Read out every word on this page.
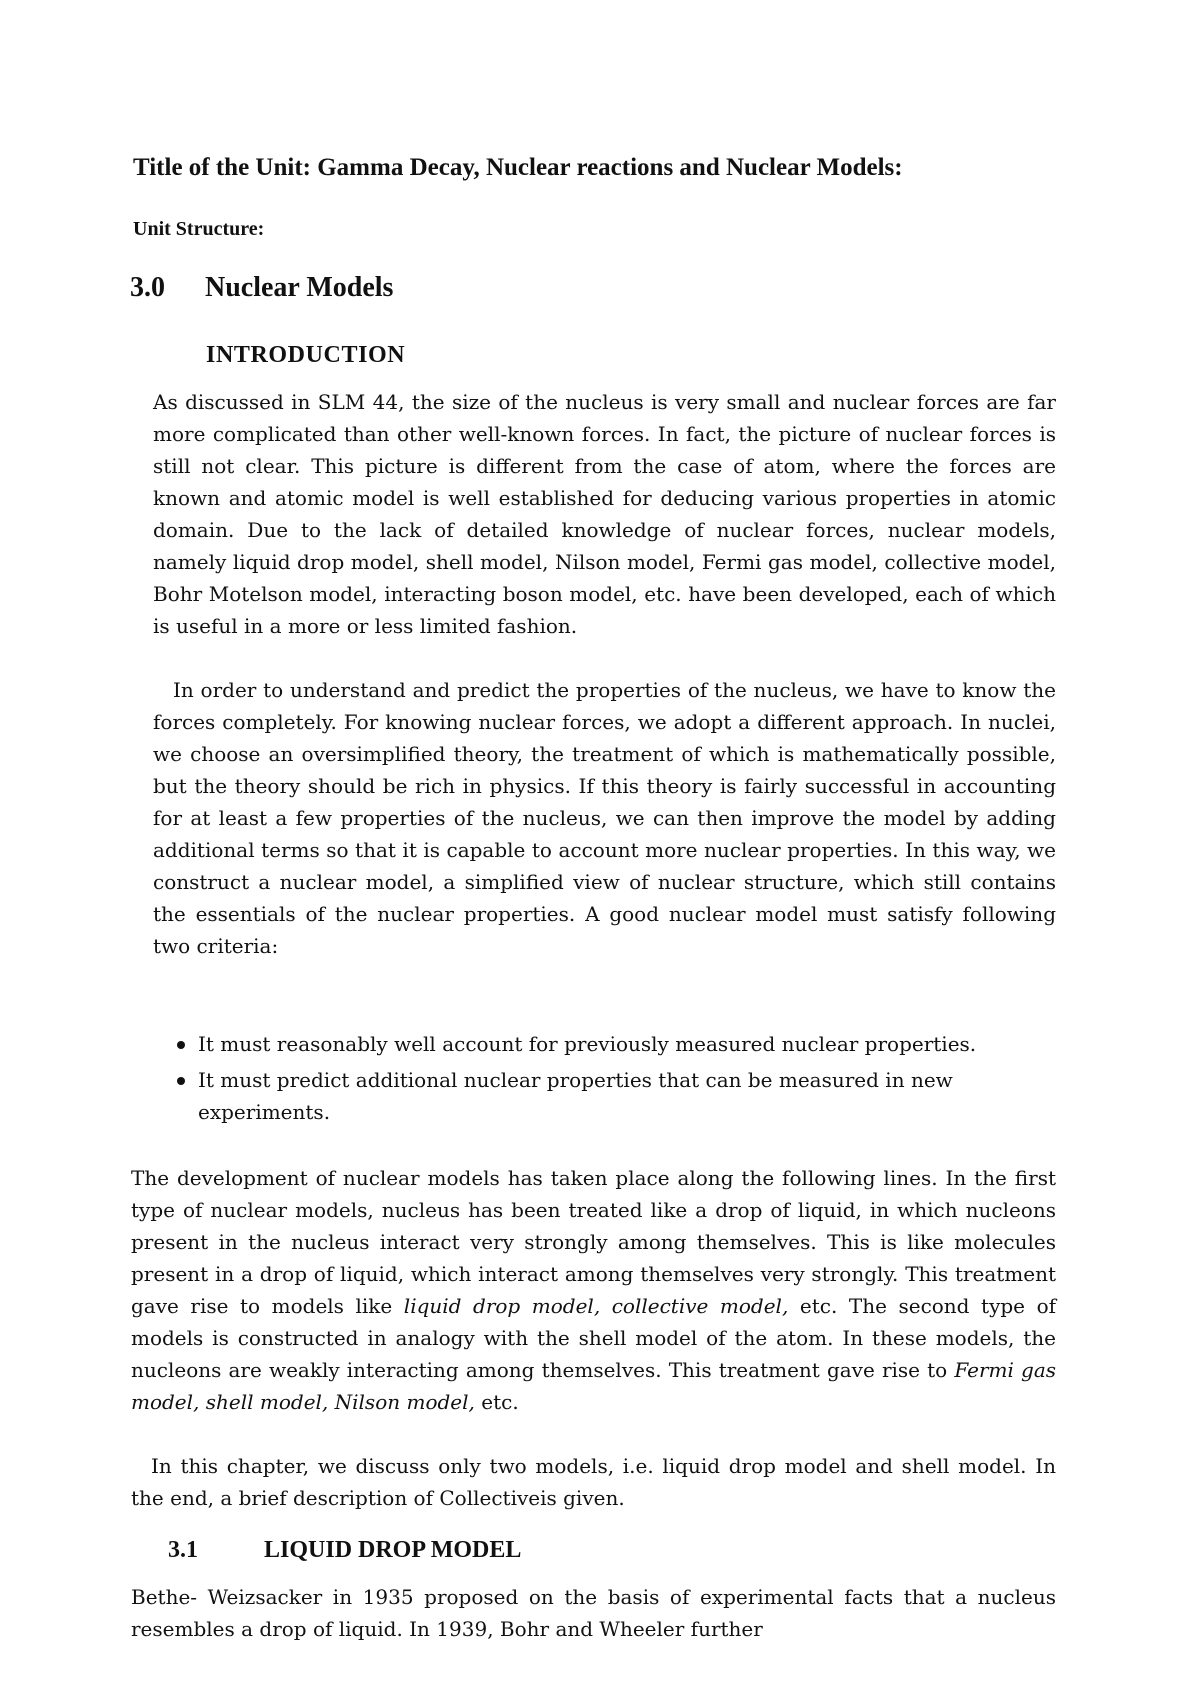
Title of the Unit: Gamma Decay, Nuclear reactions and Nuclear Models:
Unit Structure:
3.0 Nuclear Models
INTRODUCTION

As discussed in SLM 44, the size of the nucleus is very small and nuclear forces are far more complicated than other well-known forces. In fact, the picture of nuclear forces is still not clear. This picture is different from the case of atom, where the forces are known and atomic model is well established for deducing various properties in atomic domain. Due to the lack of detailed knowledge of nuclear forces, nuclear models, namely liquid drop model, shell model, Nilson model, Fermi gas model, collective model, Bohr Motelson model, interacting boson model, etc. have been developed, each of which is useful in a more or less limited fashion.

In order to understand and predict the properties of the nucleus, we have to know the forces completely. For knowing nuclear forces, we adopt a different approach. In nuclei, we choose an oversimplified theory, the treatment of which is mathematically possible, but the theory should be rich in physics. If this theory is fairly successful in accounting for at least a few properties of the nucleus, we can then improve the model by adding additional terms so that it is capable to account more nuclear properties. In this way, we construct a nuclear model, a simplified view of nuclear structure, which still contains the essentials of the nuclear properties. A good nuclear model must satisfy following two criteria:

It must reasonably well account for previously measured nuclear properties.
It must predict additional nuclear properties that can be measured in new experiments.

The development of nuclear models has taken place along the following lines. In the first type of nuclear models, nucleus has been treated like a drop of liquid, in which nucleons present in the nucleus interact very strongly among themselves. This is like molecules present in a drop of liquid, which interact among themselves very strongly. This treatment gave rise to models like liquid drop model, collective model, etc. The second type of models is constructed in analogy with the shell model of the atom. In these models, the nucleons are weakly interacting among themselves. This treatment gave rise to Fermi gas model, shell model, Nilson model, etc.

In this chapter, we discuss only two models, i.e. liquid drop model and shell model. In the end, a brief description of Collectiveis given.

3.1	LIQUID DROP MODEL

Bethe- Weizsacker in 1935 proposed on the basis of experimental facts that a nucleus resembles a drop of liquid. In 1939, Bohr and Wheeler further
